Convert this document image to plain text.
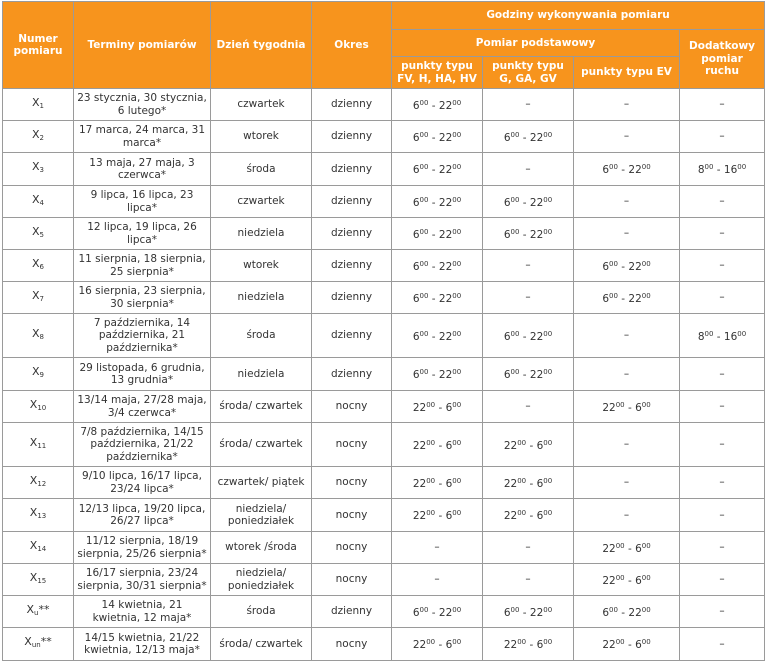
Numer pomiaru	Terminy pomiarów	Dzień tygodnia	Okres	Godziny wykonywania pomiaru			
				Pomiar podstawowy			Dodatkowy pomiar ruchu
				punkty typu FV, H, HA, HV	punkty typu G, GA, GV	punkty typu EV	
$X_1$	23 stycznia, 30 stycznia, 6 lutego*	czwartek	dzienny	$6^{00} - 22^{00}$	–	–	–
$X_2$	17 marca, 24 marca, 31 marca*	wtorek	dzienny	$6^{00} - 22^{00}$	$6^{00} - 22^{00}$	–	–
$X_3$	13 maja, 27 maja, 3 czerwca*	środa	dzienny	$6^{00} - 22^{00}$	–	$6^{00} - 22^{00}$	$8^{00} - 16^{00}$
$X_4$	9 lipca, 16 lipca, 23 lipca*	czwartek	dzienny	$6^{00} - 22^{00}$	$6^{00} - 22^{00}$	–	–
$X_5$	12 lipca, 19 lipca, 26 lipca*	niedziela	dzienny	$6^{00} - 22^{00}$	$6^{00} - 22^{00}$	–	–
$X_6$	11 sierpnia, 18 sierpnia, 25 sierpnia*	wtorek	dzienny	$6^{00} - 22^{00}$	–	$6^{00} - 22^{00}$	–
$X_7$	16 sierpnia, 23 sierpnia, 30 sierpnia*	niedziela	dzienny	$6^{00} - 22^{00}$	–	$6^{00} - 22^{00}$	–
$X_8$	7 października, 14 października, 21 października*	środa	dzienny	$6^{00} - 22^{00}$	$6^{00} - 22^{00}$	–	$8^{00} - 16^{00}$
$X_9$	29 listopada, 6 grudnia, 13 grudnia*	niedziela	dzienny	$6^{00} - 22^{00}$	$6^{00} - 22^{00}$	–	–
$X_{10}$	13/14 maja, 27/28 maja, 3/4 czerwca*	środa/ czwartek	nocny	$22^{00} - 6^{00}$	–	$22^{00} - 6^{00}$	–
$X_{11}$	7/8 października, 14/15 października, 21/22 października*	środa/ czwartek	nocny	$22^{00} - 6^{00}$	$22^{00} - 6^{00}$	–	–
$X_{12}$	9/10 lipca, 16/17 lipca, 23/24 lipca*	czwartek/ piątek	nocny	$22^{00} - 6^{00}$	$22^{00} - 6^{00}$	–	–
$X_{13}$	12/13 lipca, 19/20 lipca, 26/27 lipca*	niedziela/ poniedziałek	nocny	$22^{00} - 6^{00}$	$22^{00} - 6^{00}$	–	–
$X_{14}$	11/12 sierpnia, 18/19 sierpnia, 25/26 sierpnia*	wtorek /środa	nocny	–	–	$22^{00} - 6^{00}$	–
$X_{15}$	16/17 sierpnia, 23/24 sierpnia, 30/31 sierpnia*	niedziela/ poniedziałek	nocny	–	–	$22^{00} - 6^{00}$	–
$X_u**$	14 kwietnia, 21 kwietnia, 12 maja*	środa	dzienny	$6^{00} - 22^{00}$	$6^{00} - 22^{00}$	$6^{00} - 22^{00}$	–
$X_{un}**$	14/15 kwietnia, 21/22 kwietnia, 12/13 maja*	środa/ czwartek	nocny	$22^{00} - 6^{00}$	$22^{00} - 6^{00}$	$22^{00} - 6^{00}$	–
